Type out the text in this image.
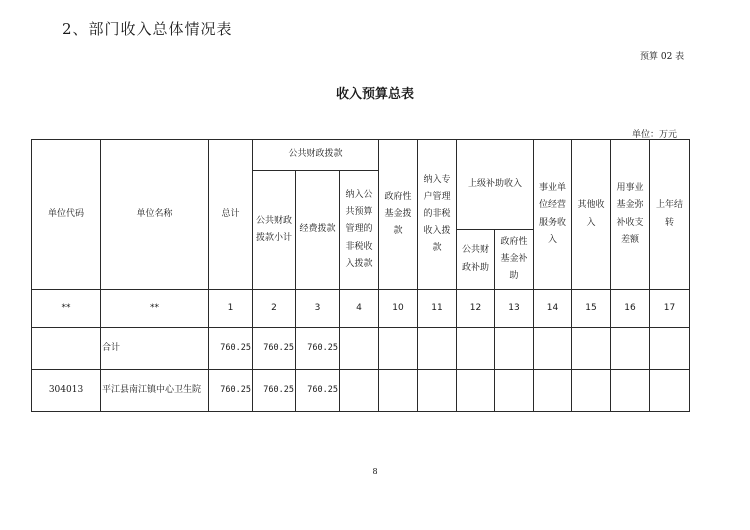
2、部门收入总体情况表
预算 02 表
收入预算总表
单位：万元
单位代码	单位名称	总计	公共财政拨款			政府性基金拨款	纳入专户管理的非税收入拨款	上级补助收入		事业单位经营服务收入	其他收入	用事业基金弥补收支差额	上年结转
			公共财政拨款小计	经费拨款	纳入公共预算管理的非税收入拨款								
								公共财政补助	政府性基金补助				
**	**	1	2	3	4	10	11	12	13	14	15	16	17
	合计	760.25	760.25	760.25									
304013	平江县南江镇中心卫生院	760.25	760.25	760.25									
8
